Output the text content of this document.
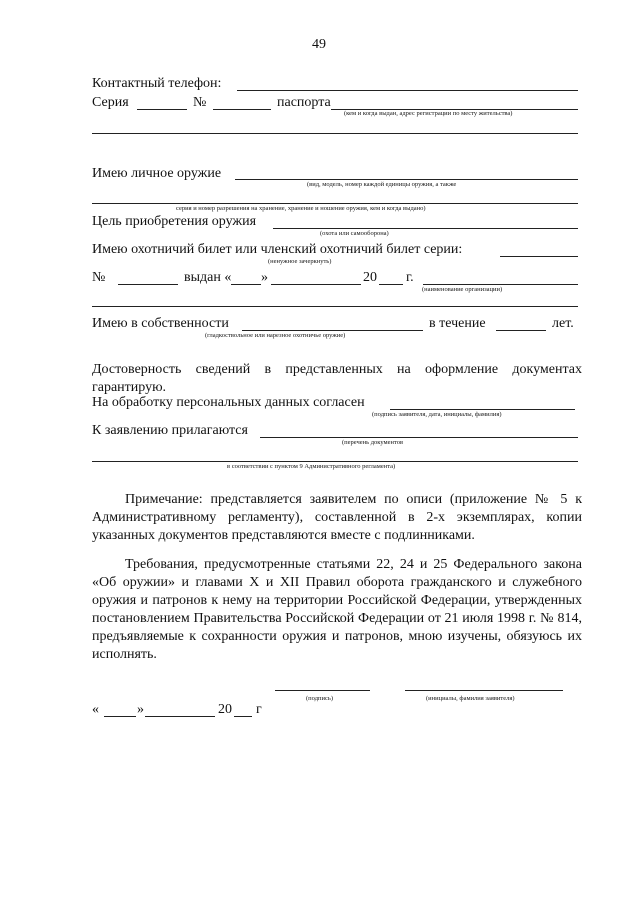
49
Контактный телефон:
Серия	№	паспорта
(кем и когда выдан, адрес регистрации по месту жительства)
Имею личное оружие
(вид, модель, номер каждой единицы оружия, а также
серия и номер разрешения на хранение, хранение и ношение оружия, кем и когда выдано)
Цель приобретения оружия
(охота или самооборона)
Имею охотничий билет или членский охотничий билет серии:
(ненужное зачеркнуть)
№	выдан « »	20 г.
(наименование организации)
Имею в собственности	в течение	лет.
(гладкоствольное или нарезное охотничье оружие)
Достоверность сведений в представленных на оформление документах гарантирую.
На обработку персональных данных согласен
(подпись заявителя, дата, инициалы, фамилия)
К заявлению прилагаются
(перечень документов
в соответствии с пунктом 9 Административного регламента)
Примечание: представляется заявителем по описи (приложение № 5 к Административному регламенту), составленной в 2-х экземплярах, копии указанных документов представляются вместе с подлинниками.
Требования, предусмотренные статьями 22, 24 и 25 Федерального закона «Об оружии» и главами X и XII Правил оборота гражданского и служебного оружия и патронов к нему на территории Российской Федерации, утвержденных постановлением Правительства Российской Федерации от 21 июля 1998 г. № 814, предъявляемые к сохранности оружия и патронов, мною изучены, обязуюсь их исполнять.
(подпись)	(инициалы, фамилия заявителя)
«	»	20 г
